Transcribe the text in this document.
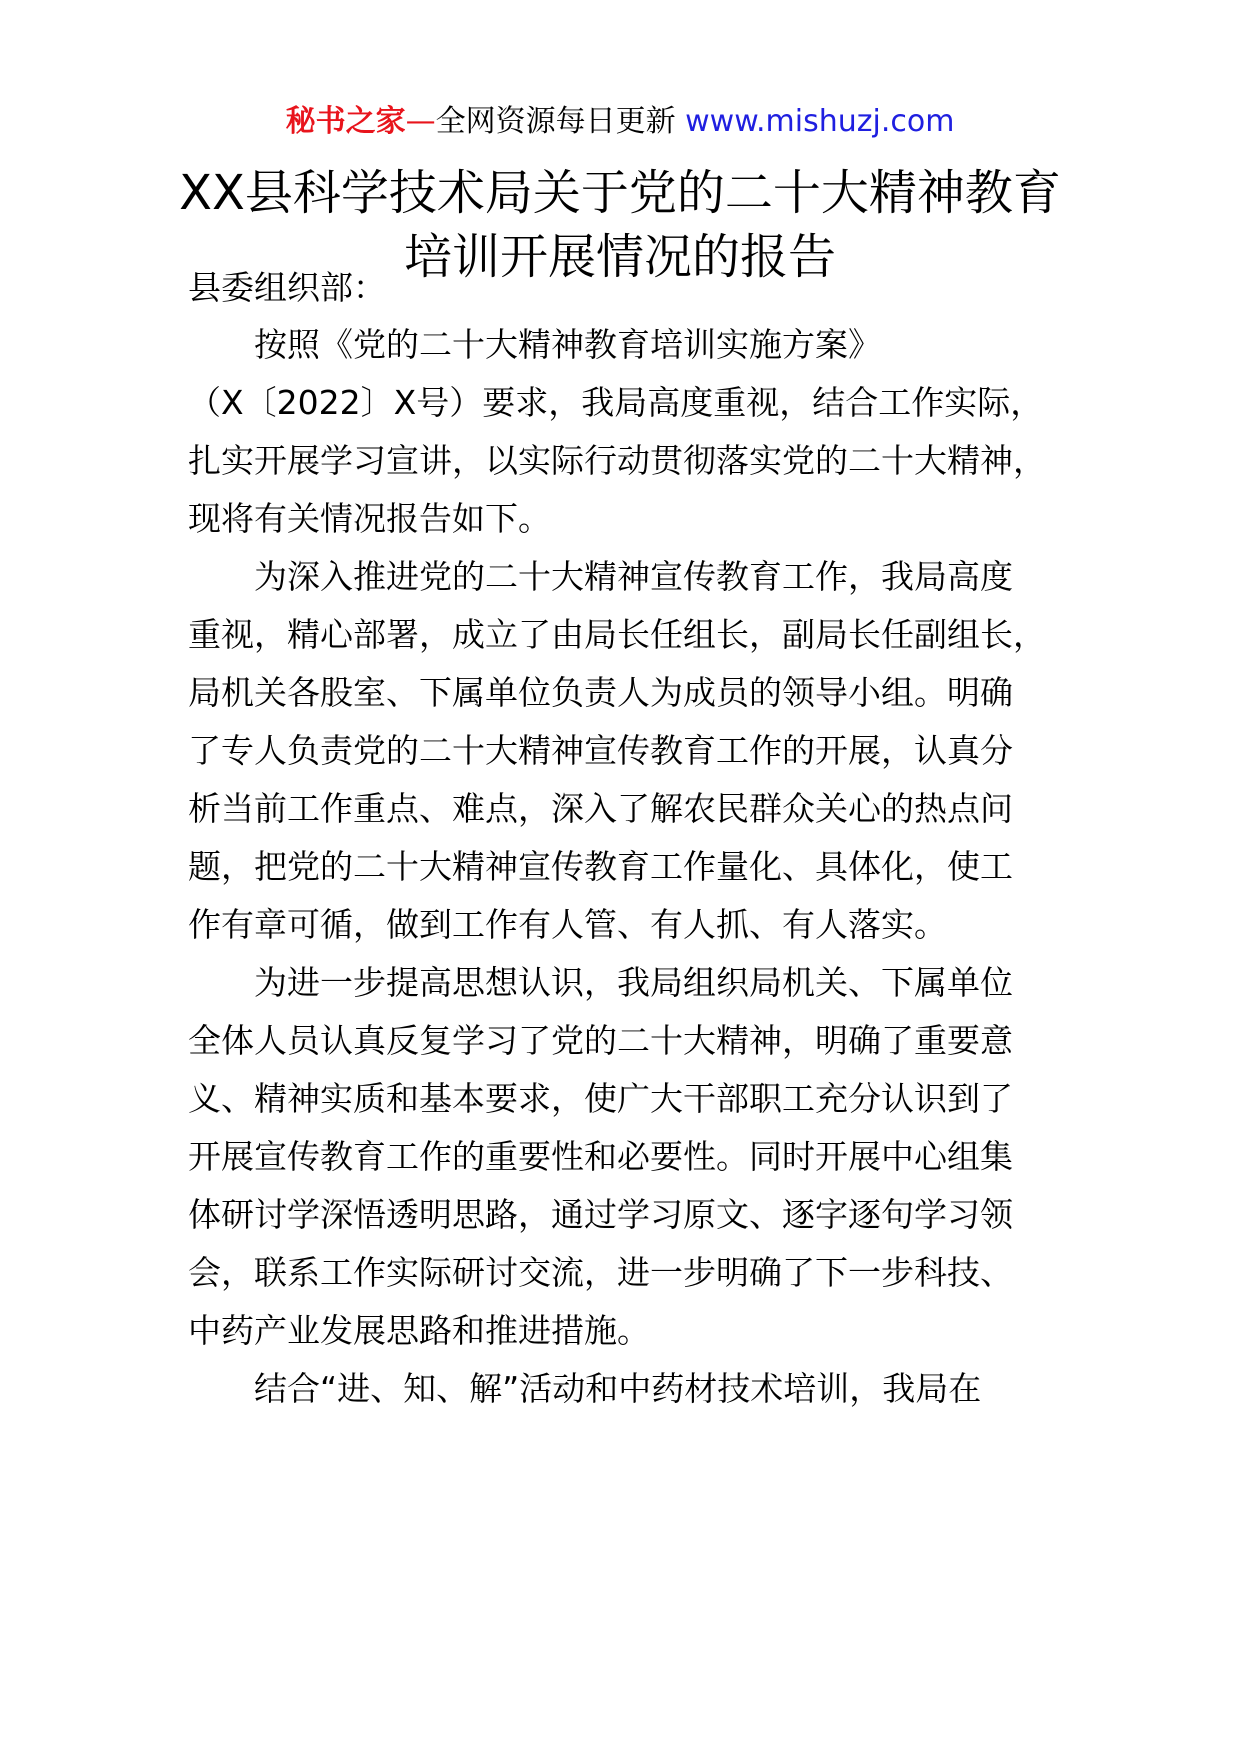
秘书之家—全网资源每日更新 www.mishuzj.com
XX县科学技术局关于党的二十大精神教育
培训开展情况的报告
县委组织部：
按照《党的二十大精神教育培训实施方案》
（X〔2022〕X号）要求，我局高度重视，结合工作实际，
扎实开展学习宣讲，以实际行动贯彻落实党的二十大精神，
现将有关情况报告如下。
为深入推进党的二十大精神宣传教育工作，我局高度
重视，精心部署，成立了由局长任组长，副局长任副组长，
局机关各股室、下属单位负责人为成员的领导小组。明确
了专人负责党的二十大精神宣传教育工作的开展，认真分
析当前工作重点、难点，深入了解农民群众关心的热点问
题，把党的二十大精神宣传教育工作量化、具体化，使工
作有章可循，做到工作有人管、有人抓、有人落实。
为进一步提高思想认识，我局组织局机关、下属单位
全体人员认真反复学习了党的二十大精神，明确了重要意
义、精神实质和基本要求，使广大干部职工充分认识到了
开展宣传教育工作的重要性和必要性。同时开展中心组集
体研讨学深悟透明思路，通过学习原文、逐字逐句学习领
会，联系工作实际研讨交流，进一步明确了下一步科技、
中药产业发展思路和推进措施。
结合“进、知、解”活动和中药材技术培训，我局在
